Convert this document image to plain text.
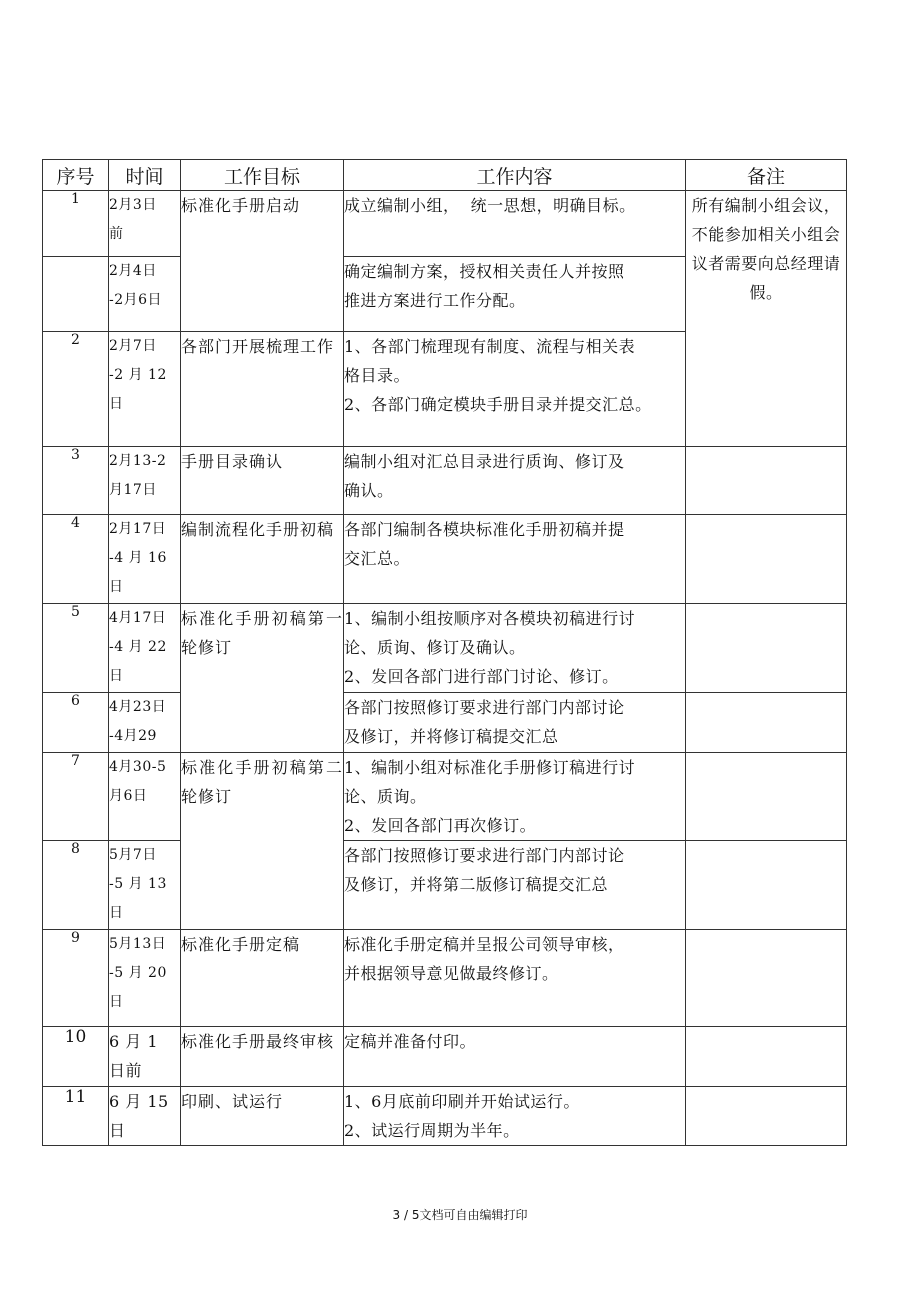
序号	时间	工作目标	工作内容	备注
1	2月3日
前	标准化手册启动	成立编制小组，  统一思想，明确目标。	所有编制小组会议，不能参加相关小组会议者需要向总经理请假。

	2月4日
-2月6日		确定编制方案，授权相关责任人并按照
推进方案进行工作分配。	

2	2月7日
-2 月 12
日	各部门开展梳理工作	1、各部门梳理现有制度、流程与相关表
格目录。
2、各部门确定模块手册目录并提交汇总。	

3	2月13-2
月17日	手册目录确认	编制小组对汇总目录进行质询、修订及
确认。	

4	2月17日
-4 月 16
日	编制流程化手册初稿	各部门编制各模块标准化手册初稿并提
交汇总。	

5	4月17日
-4 月 22
日	标准化手册初稿第一轮修订	1、编制小组按顺序对各模块初稿进行讨
论、质询、修订及确认。
2、发回各部门进行部门讨论、修订。	

6	4月23日
-4月29		各部门按照修订要求进行部门内部讨论
及修订，并将修订稿提交汇总	

7	4月30-5
月6日	标准化手册初稿第二轮修订	1、编制小组对标准化手册修订稿进行讨
论、质询。
2、发回各部门再次修订。	

8	5月7日
-5 月 13
日		各部门按照修订要求进行部门内部讨论
及修订，并将第二版修订稿提交汇总	

9	5月13日
-5 月 20
日	标准化手册定稿	标准化手册定稿并呈报公司领导审核，
并根据领导意见做最终修订。	

10	6 月 1
日前	标准化手册最终审核	定稿并准备付印。	

11	6 月 15
日	印刷、试运行	1、6月底前印刷并开始试运行。
2、试运行周期为半年。	

3 / 5文档可自由编辑打印
